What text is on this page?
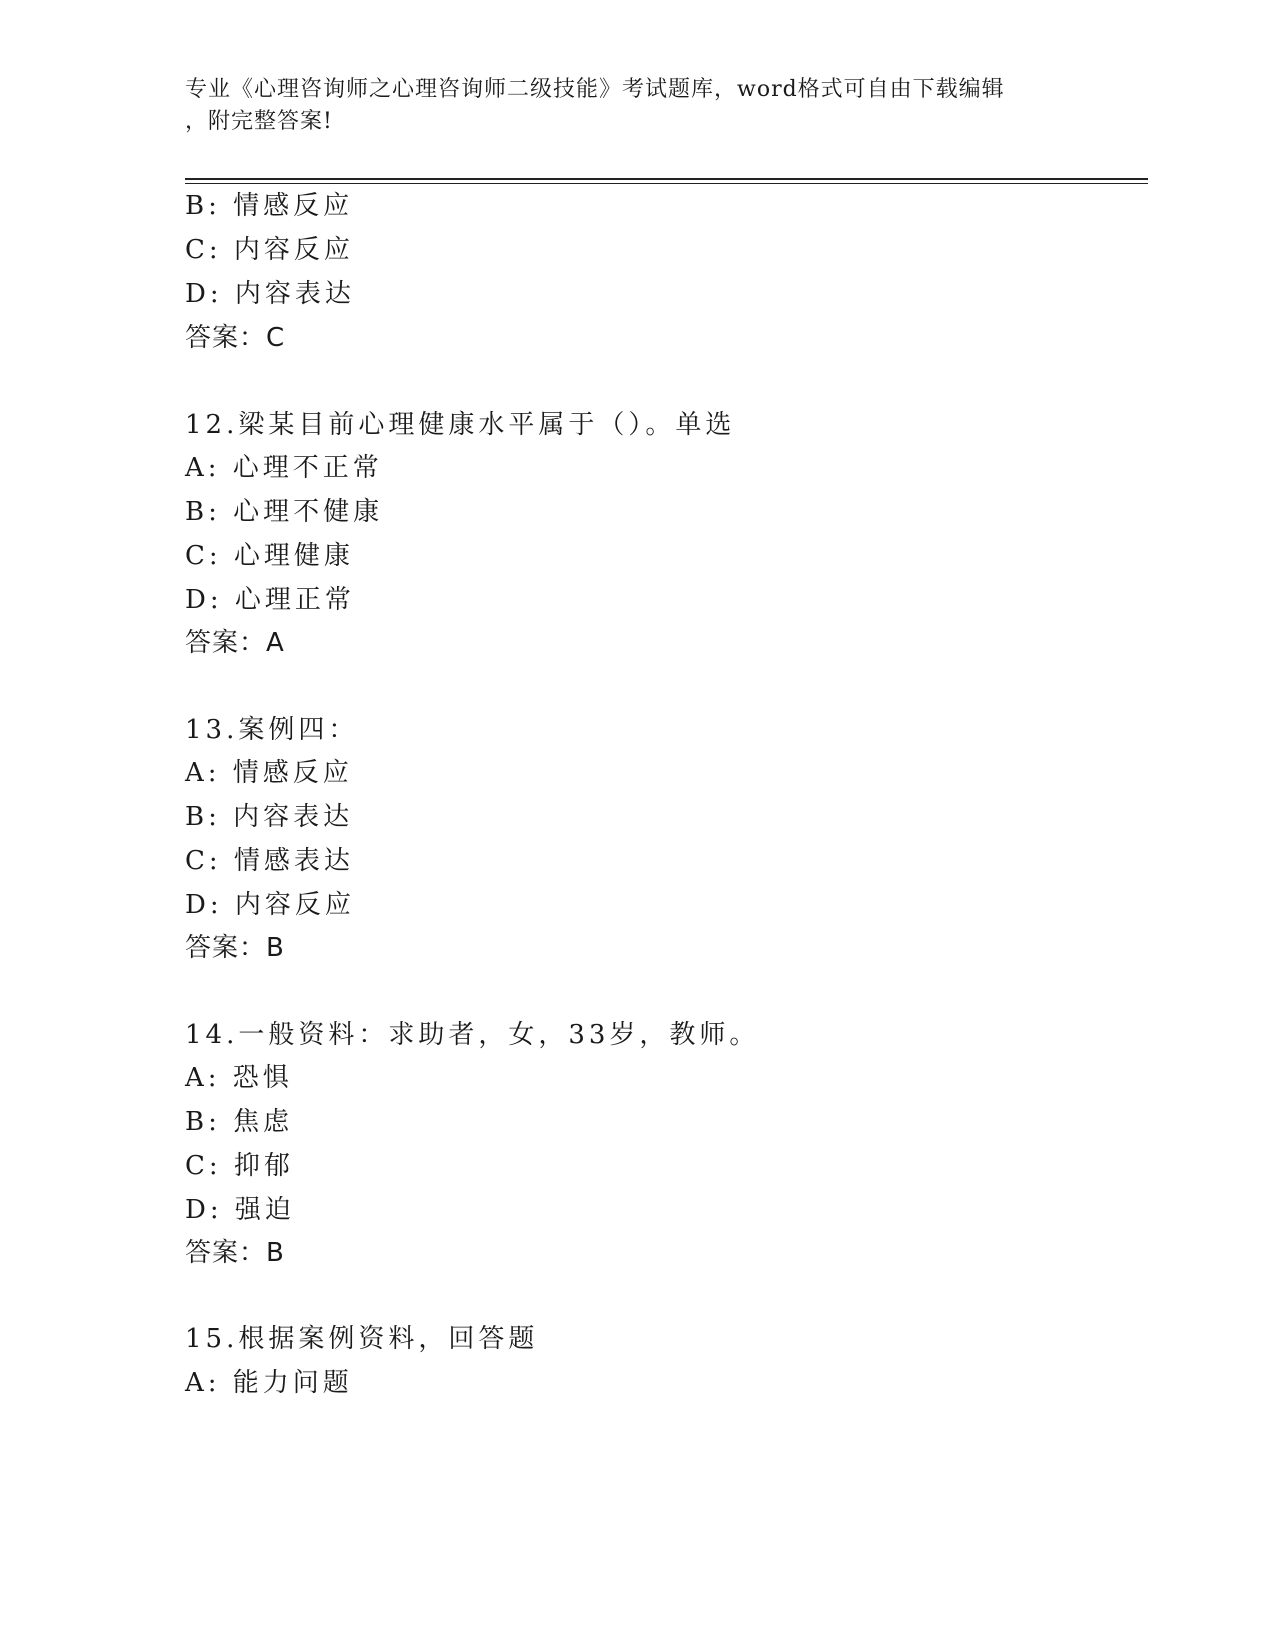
专业《心理咨询师之心理咨询师二级技能》考试题库，word格式可自由下载编辑
，附完整答案!
B: 情感反应
C: 内容反应
D: 内容表达
答案：C
12.梁某目前心理健康水平属于（）。单选
A: 心理不正常
B: 心理不健康
C: 心理健康
D: 心理正常
答案：A
13.案例四：
A: 情感反应
B: 内容表达
C: 情感表达
D: 内容反应
答案：B
14.一般资料：求助者，女，33岁，教师。
A: 恐惧
B: 焦虑
C: 抑郁
D: 强迫
答案：B
15.根据案例资料，回答题
A: 能力问题
